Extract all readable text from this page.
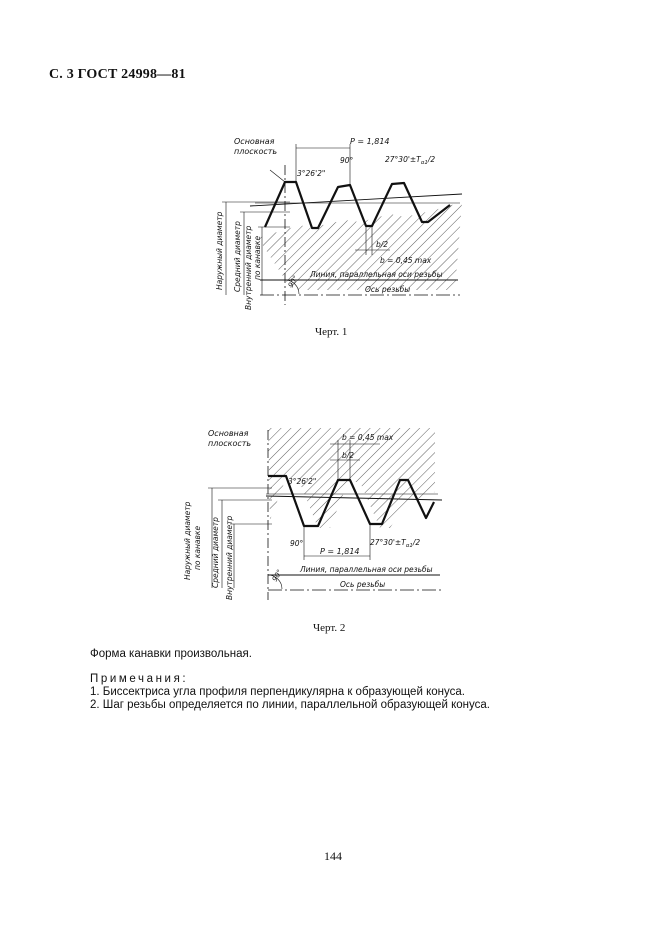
С. 3 ГОСТ 24998—81
Основная
плоскость
P = 1,814
$27^\circ 30'\pm T_{\alpha 1}/2$
3°26'2"
90°
b/2
b = 0,45 max
Линия, параллельная оси резьбы
Ось резьбы
90°
Наружный диаметр Средний диаметр Внутренний диаметр по канавке
Черт. 1
Основная
плоскость
b = 0,45 max
b/2
3°26'2"
90°	$27^\circ 30'\pm T_{\alpha 1}/2$
P = 1,814
Линия, параллельная оси резьбы
Ось резьбы
90°
Наружный диаметр по канавке Средний диаметр Внутренний диаметр
Черт. 2
Форма канавки произвольная.
Примечания:
1. Биссектриса угла профиля перпендикулярна к образующей конуса.
2. Шаг резьбы определяется по линии, параллельной образующей конуса.
144
